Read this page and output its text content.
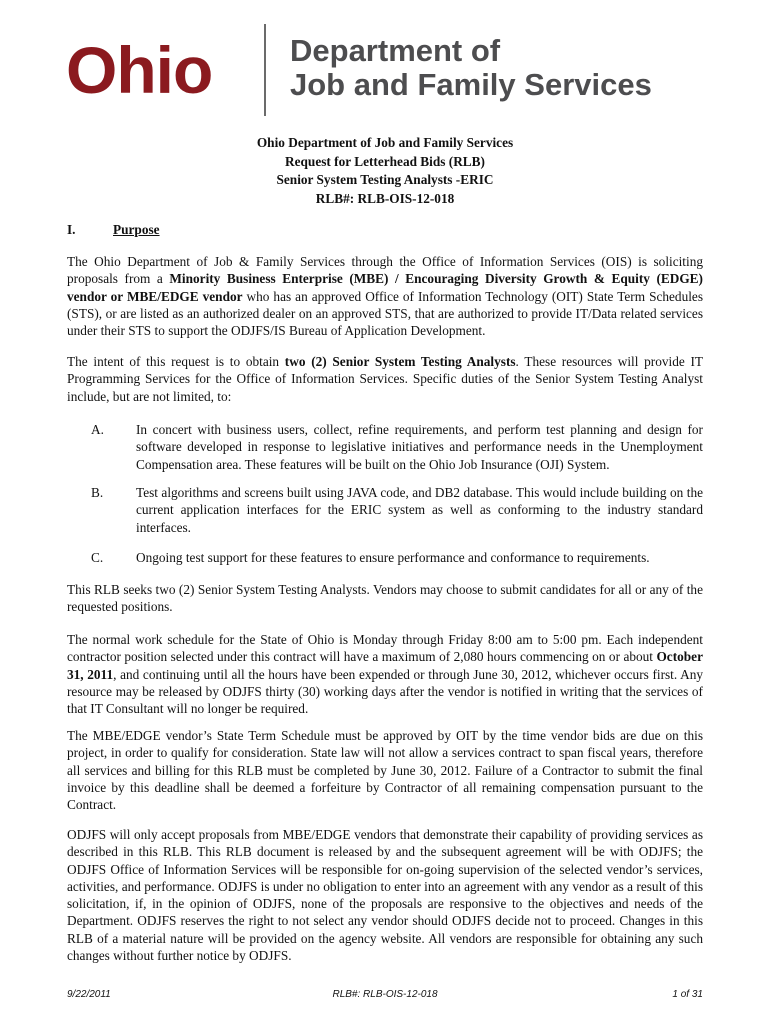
Ohio	Department of
Job and Family Services
Ohio Department of Job and Family Services
Request for Letterhead Bids (RLB)
Senior System Testing Analysts -ERIC
RLB#: RLB-OIS-12-018
I.	Purpose

The Ohio Department of Job & Family Services through the Office of Information Services (OIS) is soliciting proposals from a Minority Business Enterprise (MBE) / Encouraging Diversity Growth & Equity (EDGE) vendor or MBE/EDGE vendor who has an approved Office of Information Technology (OIT) State Term Schedules (STS), or are listed as an authorized dealer on an approved STS, that are authorized to provide IT/Data related services under their STS to support the ODJFS/IS Bureau of Application Development.

The intent of this request is to obtain two (2) Senior System Testing Analysts. These resources will provide IT Programming Services for the Office of Information Services. Specific duties of the Senior System Testing Analyst include, but are not limited, to:

A. In concert with business users, collect, refine requirements, and perform test planning and design for software developed in response to legislative initiatives and performance needs in the Unemployment Compensation area. These features will be built on the Ohio Job Insurance (OJI) System.
B. Test algorithms and screens built using JAVA code, and DB2 database. This would include building on the current application interfaces for the ERIC system as well as conforming to the industry standard interfaces.
C. Ongoing test support for these features to ensure performance and conformance to requirements.

This RLB seeks two (2) Senior System Testing Analysts. Vendors may choose to submit candidates for all or any of the requested positions.

The normal work schedule for the State of Ohio is Monday through Friday 8:00 am to 5:00 pm. Each independent contractor position selected under this contract will have a maximum of 2,080 hours commencing on or about October 31, 2011, and continuing until all the hours have been expended or through June 30, 2012, whichever occurs first. Any resource may be released by ODJFS thirty (30) working days after the vendor is notified in writing that the services of that IT Consultant will no longer be required.

The MBE/EDGE vendor’s State Term Schedule must be approved by OIT by the time vendor bids are due on this project, in order to qualify for consideration. State law will not allow a services contract to span fiscal years, therefore all services and billing for this RLB must be completed by June 30, 2012. Failure of a Contractor to submit the final invoice by this deadline shall be deemed a forfeiture by Contractor of all remaining compensation pursuant to the Contract.

ODJFS will only accept proposals from MBE/EDGE vendors that demonstrate their capability of providing services as described in this RLB. This RLB document is released by and the subsequent agreement will be with ODJFS; the ODJFS Office of Information Services will be responsible for on-going supervision of the selected vendor’s services, activities, and performance. ODJFS is under no obligation to enter into an agreement with any vendor as a result of this solicitation, if, in the opinion of ODJFS, none of the proposals are responsive to the objectives and needs of the Department. ODJFS reserves the right to not select any vendor should ODJFS decide not to proceed. Changes in this RLB of a material nature will be provided on the agency website. All vendors are responsible for obtaining any such changes without further notice by ODJFS.

9/22/2011	RLB#: RLB-OIS-12-018	1 of 31
